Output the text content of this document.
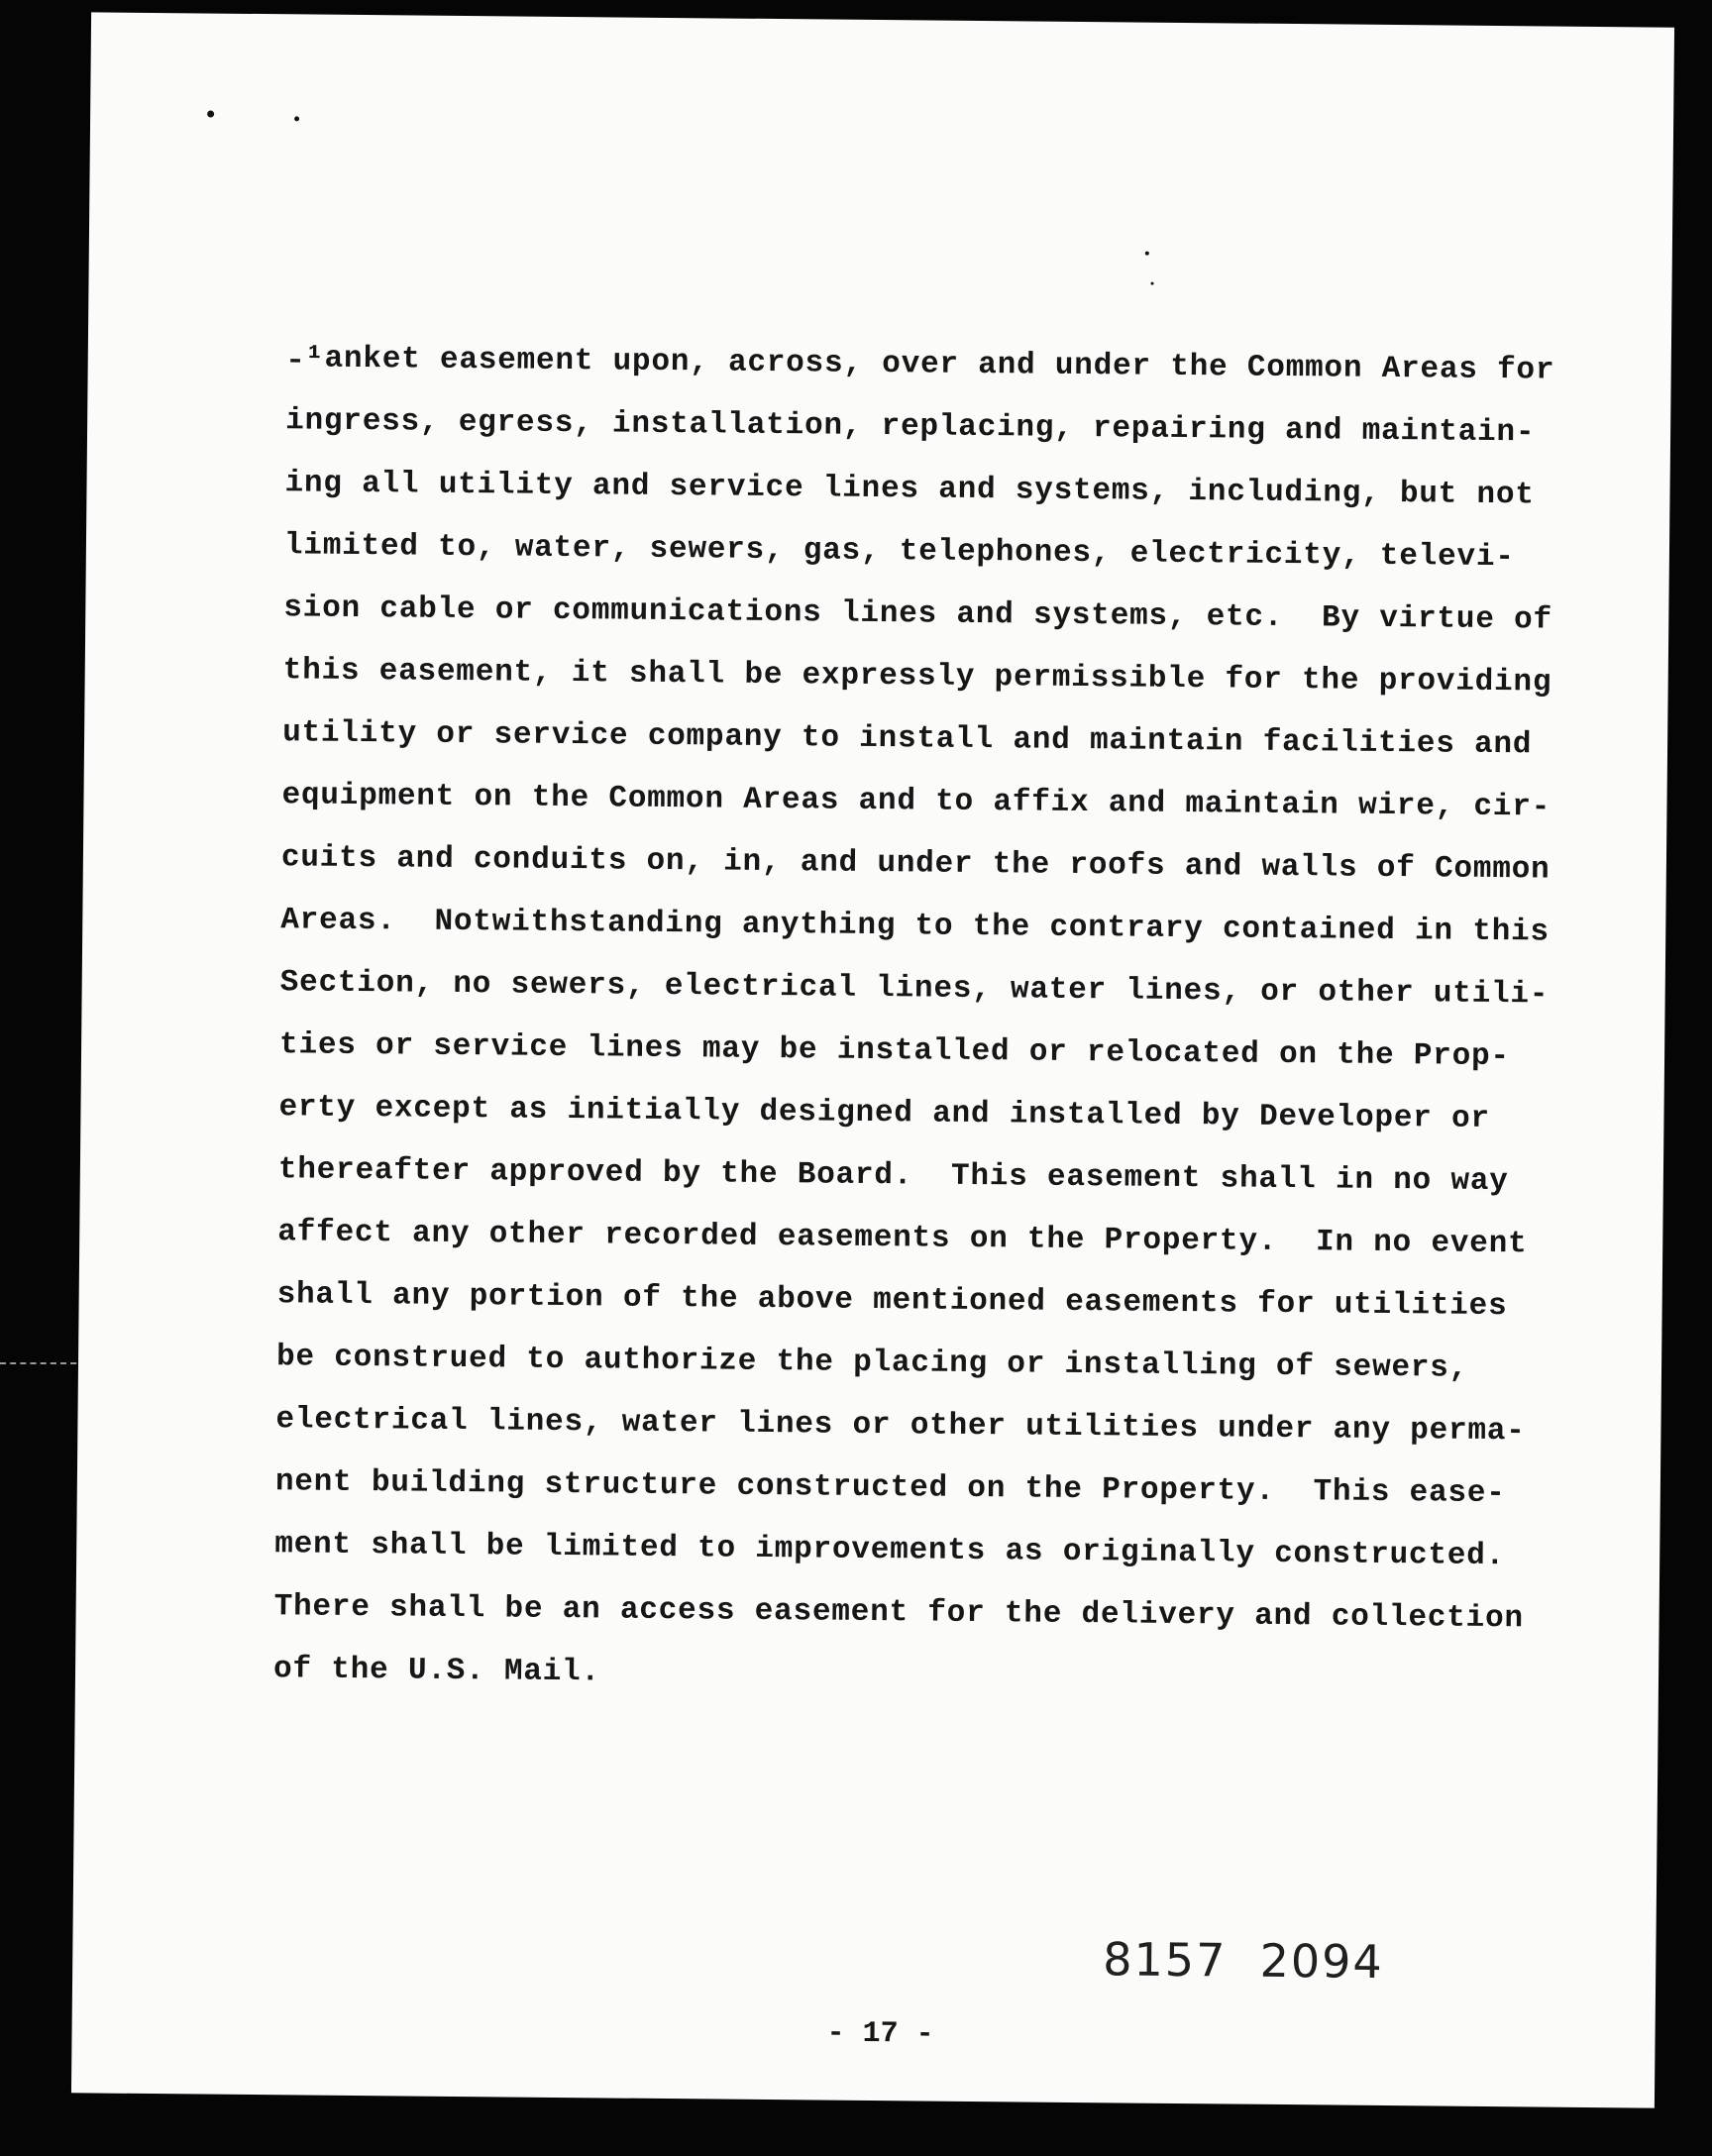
˗¹anket easement upon, across, over and under the Common Areas for
ingress, egress, installation, replacing, repairing and maintain-
ing all utility and service lines and systems, including, but not
limited to, water, sewers, gas, telephones, electricity, televi-
sion cable or communications lines and systems, etc.  By virtue of
this easement, it shall be expressly permissible for the providing
utility or service company to install and maintain facilities and
equipment on the Common Areas and to affix and maintain wire, cir-
cuits and conduits on, in, and under the roofs and walls of Common
Areas.  Notwithstanding anything to the contrary contained in this
Section, no sewers, electrical lines, water lines, or other utili-
ties or service lines may be installed or relocated on the Prop-
erty except as initially designed and installed by Developer or
thereafter approved by the Board.  This easement shall in no way
affect any other recorded easements on the Property.  In no event
shall any portion of the above mentioned easements for utilities
be construed to authorize the placing or installing of sewers,
electrical lines, water lines or other utilities under any perma-
nent building structure constructed on the Property.  This ease-
ment shall be limited to improvements as originally constructed.
There shall be an access easement for the delivery and collection
of the U.S. Mail.
8157  2094
- 17 -
